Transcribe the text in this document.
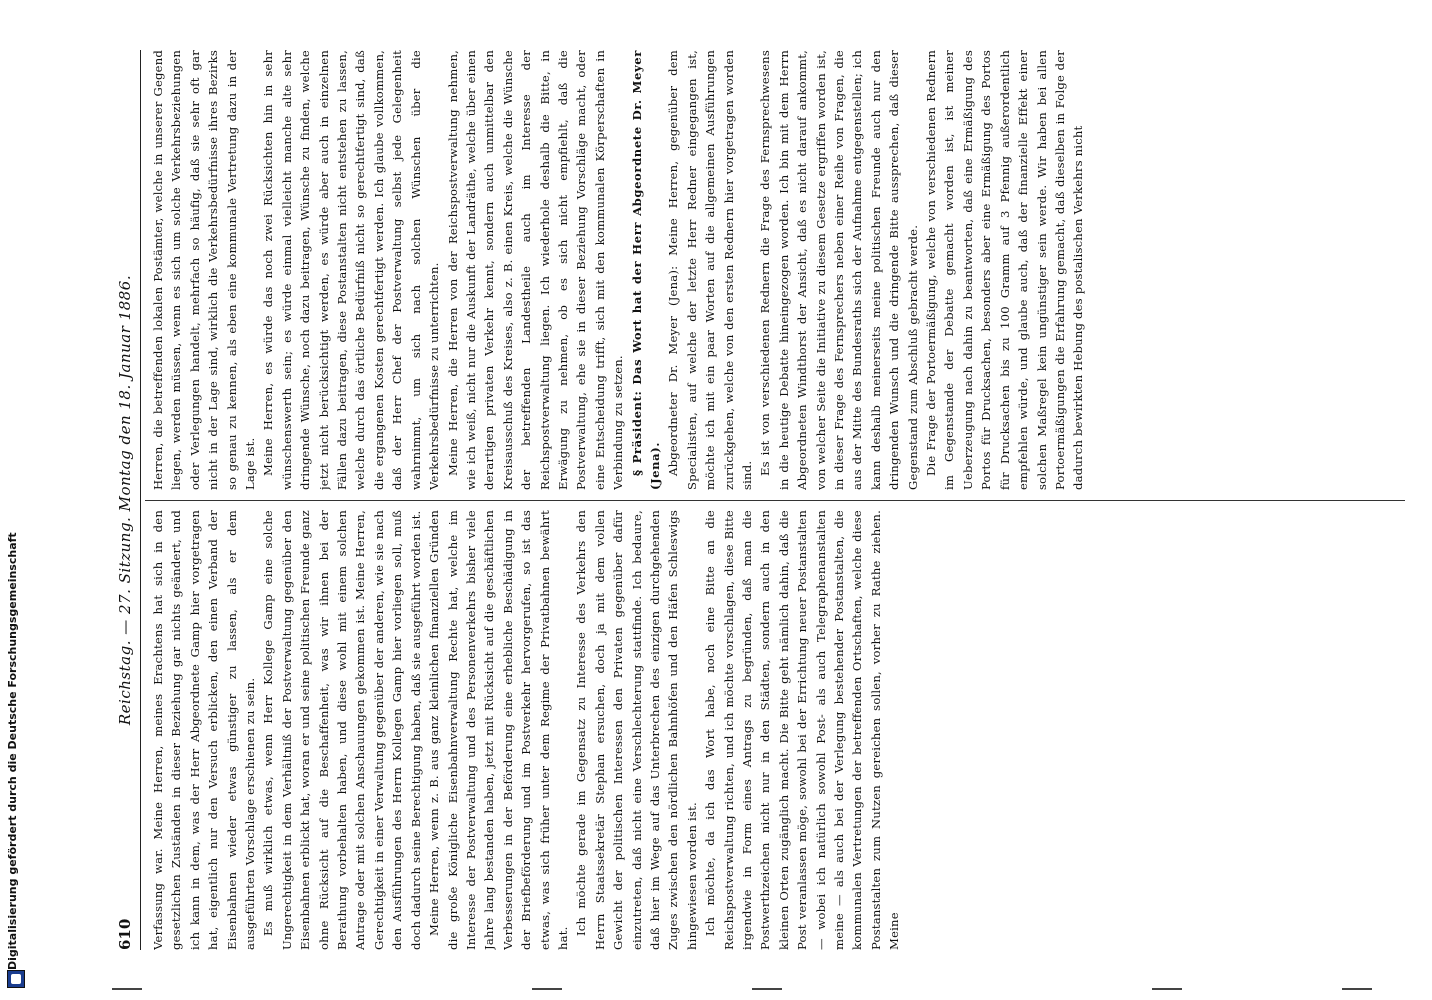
Digitalisierung gefördert durch die Deutsche Forschungsgemeinschaft	610
Reichstag. — 27. Sitzung. Montag den 18. Januar 1886.

Verfassung war. Meine Herren, meines Erachtens hat sich in den gesetzlichen Zuständen in dieser Beziehung gar nichts geändert, und ich kann in dem, was der Herr Abgeordnete Gamp hier vorgetragen hat, eigentlich nur den Versuch erblicken, den einen Verband der Eisenbahnen wieder etwas günstiger zu lassen, als er dem ausgeführten Vorschlage erschienen zu sein. Es muß wirklich etwas, wenn Herr Kollege Gamp eine solche Ungerechtigkeit in dem Verhältniß der Postverwaltung gegenüber den Eisenbahnen erblickt hat, woran er und seine politischen Freunde ganz ohne Rücksicht auf die Beschaffenheit, was wir ihnen bei der Berathung vorbehalten haben, und diese wohl mit einem solchen Antrage oder mit solchen Anschauungen gekommen ist. Meine Herren, Gerechtigkeit in einer Verwaltung gegenüber der anderen, wie sie nach den Ausführungen des Herrn Kollegen Gamp hier vorliegen soll, muß doch dadurch seine Berechtigung haben, daß sie ausgeführt worden ist. Meine Herren, wenn z. B. aus ganz kleinlichen finanziellen Gründen die große Königliche Eisenbahnverwaltung Rechte hat, welche im Interesse der Postverwaltung und des Personenverkehrs bisher viele Jahre lang bestanden haben, jetzt mit Rücksicht auf die geschäftlichen Verbesserungen in der Beförderung eine erhebliche Beschädigung in der Briefbeförderung und im Postverkehr hervorgerufen, so ist das etwas, was sich früher unter dem Regime der Privatbahnen bewährt hat.

Ich möchte gerade im Gegensatz zu Interesse des Verkehrs den Herrn Staatssekretär Stephan ersuchen, doch ja mit dem vollen Gewicht der politischen Interessen den Privaten gegenüber dafür einzutreten, daß nicht eine Verschlechterung stattfinde. Ich bedaure, daß hier im Wege auf das Unterbrechen des einzigen durchgehenden Zuges zwischen den nördlichen Bahnhöfen und den Häfen Schleswigs hingewiesen worden ist. Ich möchte, da ich das Wort habe, noch eine Bitte an die Reichspostverwaltung richten, und ich möchte vorschlagen, diese Bitte irgendwie in Form eines Antrags zu begründen, daß man die Postwerthzeichen nicht nur in den Städten, sondern auch in den kleinen Orten zugänglich macht. Die Bitte geht nämlich dahin, daß die Post veranlassen möge, sowohl bei der Errichtung neuer Postanstalten — wobei ich natürlich sowohl Post- als auch Telegraphenanstalten meine — als auch bei der Verlegung bestehender Postanstalten, die kommunalen Vertretungen der betreffenden Ortschaften, welche diese Postanstalten zum Nutzen gereichen sollen, vorher zu Rathe ziehen. Meine

Herren, die betreffenden lokalen Postämter, welche in unserer Gegend liegen, werden müssen, wenn es sich um solche Verkehrsbeziehungen oder Verlegungen handelt, mehrfach so häufig, daß sie sehr oft gar nicht in der Lage sind, wirklich die Verkehrsbedürfnisse ihres Bezirks so genau zu kennen, als eben eine kommunale Vertretung dazu in der Lage ist. Meine Herren, es würde das noch zwei Rücksichten hin in sehr wünschenswerth sein; es würde einmal vielleicht manche alte sehr dringende Wünsche, noch dazu beitragen, Wünsche zu finden, welche jetzt nicht berücksichtigt werden, es würde aber auch in einzelnen Fällen dazu beitragen, diese Postanstalten nicht entstehen zu lassen, welche durch das örtliche Bedürfniß nicht so gerechtfertigt sind, daß die ergangenen Kosten gerechtfertigt werden. Ich glaube vollkommen, daß der Herr Chef der Postverwaltung selbst jede Gelegenheit wahrnimmt, um sich nach solchen Wünschen über die Verkehrsbedürfnisse zu unterrichten. Meine Herren, die Herren von der Reichspostverwaltung nehmen, wie ich weiß, nicht nur die Auskunft der Landräthe, welche über einen derartigen privaten Verkehr kennt, sondern auch unmittelbar den Kreisausschuß des Kreises, also z. B. einen Kreis, welche die Wünsche der betreffenden Landestheile auch im Interesse der Reichspostverwaltung liegen. Ich wiederhole deshalb die Bitte, in Erwägung zu nehmen, ob es sich nicht empfiehlt, daß die Postverwaltung, ehe sie in dieser Beziehung Vorschläge macht, oder eine Entscheidung trifft, sich mit den kommunalen Körperschaften in Verbindung zu setzen. § Präsident: Das Wort hat der Herr Abgeordnete Dr. Meyer (Jena). Abgeordneter Dr. Meyer (Jena): Meine Herren, gegenüber dem Specialisten, auf welche der letzte Herr Redner eingegangen ist, möchte ich mit ein paar Worten auf die allgemeinen Ausführungen zurückgehen, welche von den ersten Rednern hier vorgetragen worden sind. Es ist von verschiedenen Rednern die Frage des Fernsprechwesens in die heutige Debatte hineingezogen worden. Ich bin mit dem Herrn Abgeordneten Windthorst der Ansicht, daß es nicht darauf ankommt, von welcher Seite die Initiative zu diesem Gesetze ergriffen worden ist, in dieser Frage des Fernsprechers neben einer Reihe von Fragen, die aus der Mitte des Bundesraths sich der Aufnahme entgegenstellen; ich kann deshalb meinerseits meine politischen Freunde auch nur den dringenden Wunsch und die dringende Bitte aussprechen, daß dieser Gegenstand zum Abschluß gebracht werde. Die Frage der Portoermäßigung, welche von verschiedenen Rednern im Gegenstande der Debatte gemacht worden ist, ist meiner Ueberzeugung nach dahin zu beantworten, daß eine Ermäßigung des Portos für Drucksachen, besonders aber eine Ermäßigung des Portos für Drucksachen bis zu 100 Gramm auf 3 Pfennig außerordentlich empfehlen würde, und glaube auch, daß der finanzielle Effekt einer solchen Maßregel kein ungünstiger sein werde. Wir haben bei allen Portoermäßigungen die Erfahrung gemacht, daß dieselben in Folge der dadurch bewirkten Hebung des postalischen Verkehrs nicht
